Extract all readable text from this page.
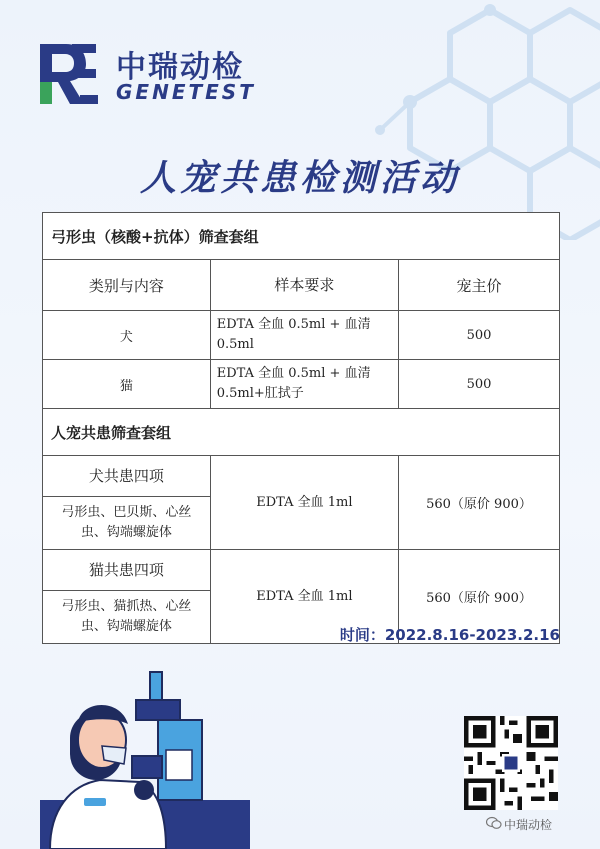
中瑞动检
GENETEST
人宠共患检测活动
弓形虫（核酸+抗体）筛查套组		
类别与内容	样本要求	宠主价
犬	EDTA 全血 0.5ml + 血清 0.5ml	500
猫	EDTA 全血 0.5ml + 血清 0.5ml+肛拭子	500
人宠共患筛查套组		

犬共患四项
弓形虫、巴贝斯、心丝虫、钩端螺旋体	EDTA 全血 1ml	560（原价 900）

猫共患四项
弓形虫、猫抓热、心丝虫、钩端螺旋体	EDTA 全血 1ml	560（原价 900）
时间：2022.8.16-2023.2.16
中瑞动检
